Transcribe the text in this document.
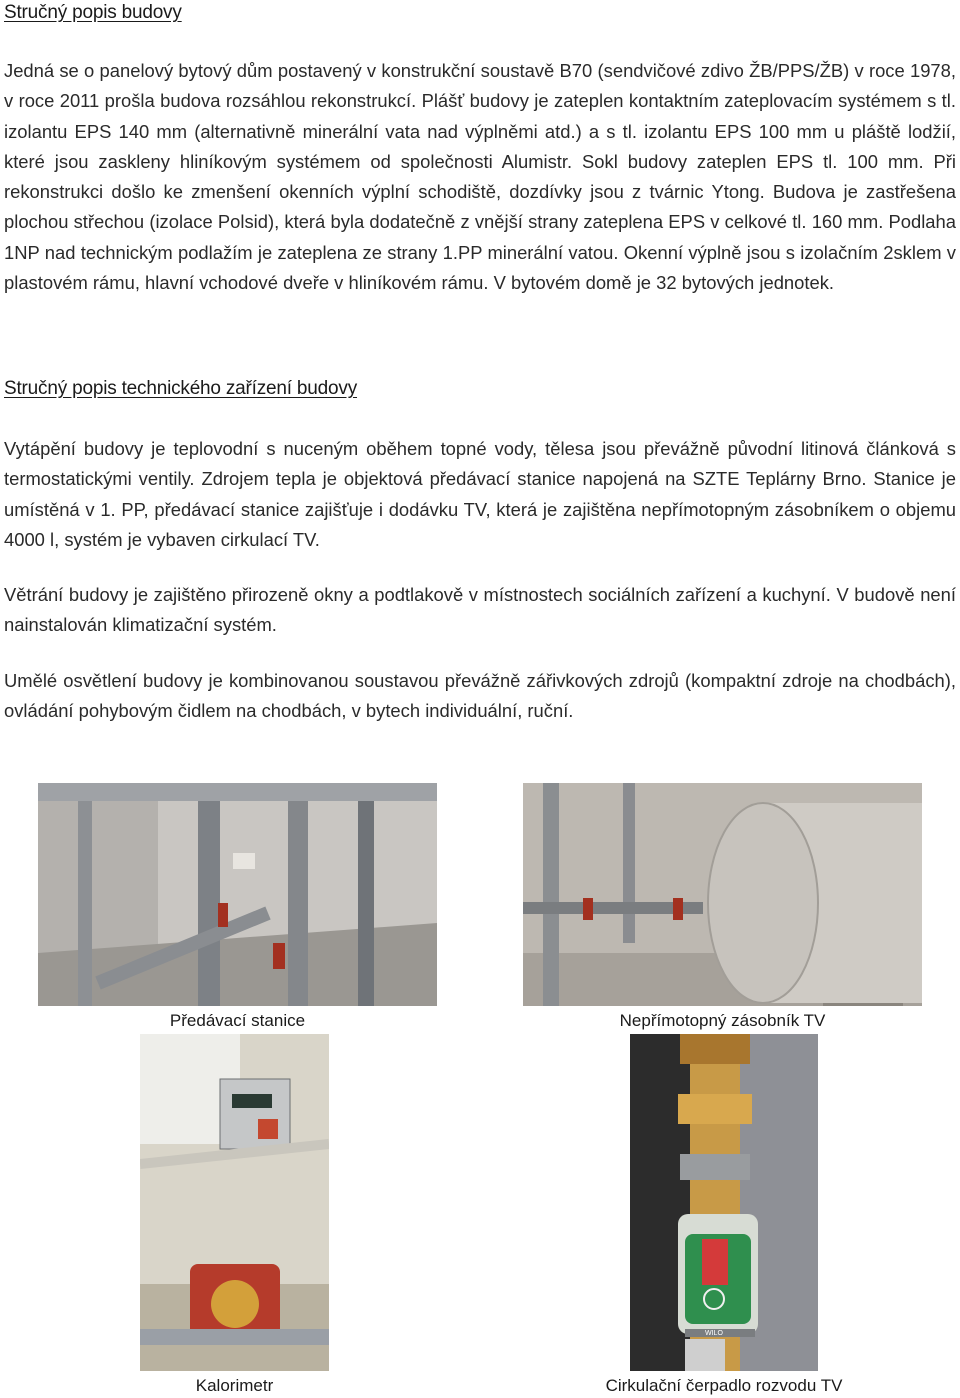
Stručný popis budovy

Jedná se o panelový bytový dům postavený v konstrukční soustavě B70 (sendvičové zdivo ŽB/PPS/ŽB) v roce 1978, v roce 2011 prošla budova rozsáhlou rekonstrukcí. Plášť budovy je zateplen kontaktním zateplovacím systémem s tl. izolantu EPS 140 mm (alternativně minerální vata nad výplněmi atd.) a s tl. izolantu EPS 100 mm u pláště lodžií, které jsou zaskleny hliníkovým systémem od společnosti Alumistr. Sokl budovy zateplen EPS tl. 100 mm. Při rekonstrukci došlo ke zmenšení okenních výplní schodiště, dozdívky jsou z tvárnic Ytong. Budova je zastřešena plochou střechou (izolace Polsid), která byla dodatečně z vnější strany zateplena EPS v celkové tl. 160 mm. Podlaha 1NP nad technickým podlažím je zateplena ze strany 1.PP minerální vatou. Okenní výplně jsou s izolačním 2sklem v plastovém rámu, hlavní vchodové dveře v hliníkovém rámu. V bytovém domě je 32 bytových jednotek.

Stručný popis technického zařízení budovy

Vytápění budovy je teplovodní s nuceným oběhem topné vody, tělesa jsou převážně původní litinová článková s termostatickými ventily. Zdrojem tepla je objektová předávací stanice napojená na SZTE Teplárny Brno. Stanice je umístěná v 1. PP, předávací stanice zajišťuje i dodávku TV, která je zajištěna nepřímotopným zásobníkem o objemu 4000 l, systém je vybaven cirkulací TV.

Větrání budovy je zajištěno přirozeně okny a podtlakově v místnostech sociálních zařízení a kuchyní. V budově není nainstalován klimatizační systém.

Umělé osvětlení budovy je kombinovanou soustavou převážně zářivkových zdrojů (kompaktní zdroje na chodbách), ovládání pohybovým čidlem na chodbách, v bytech individuální, ruční.

Předávací stanice	Nepřímotopný zásobník TV
Kalorimetr
WILO
Cirkulační čerpadlo rozvodu TV
